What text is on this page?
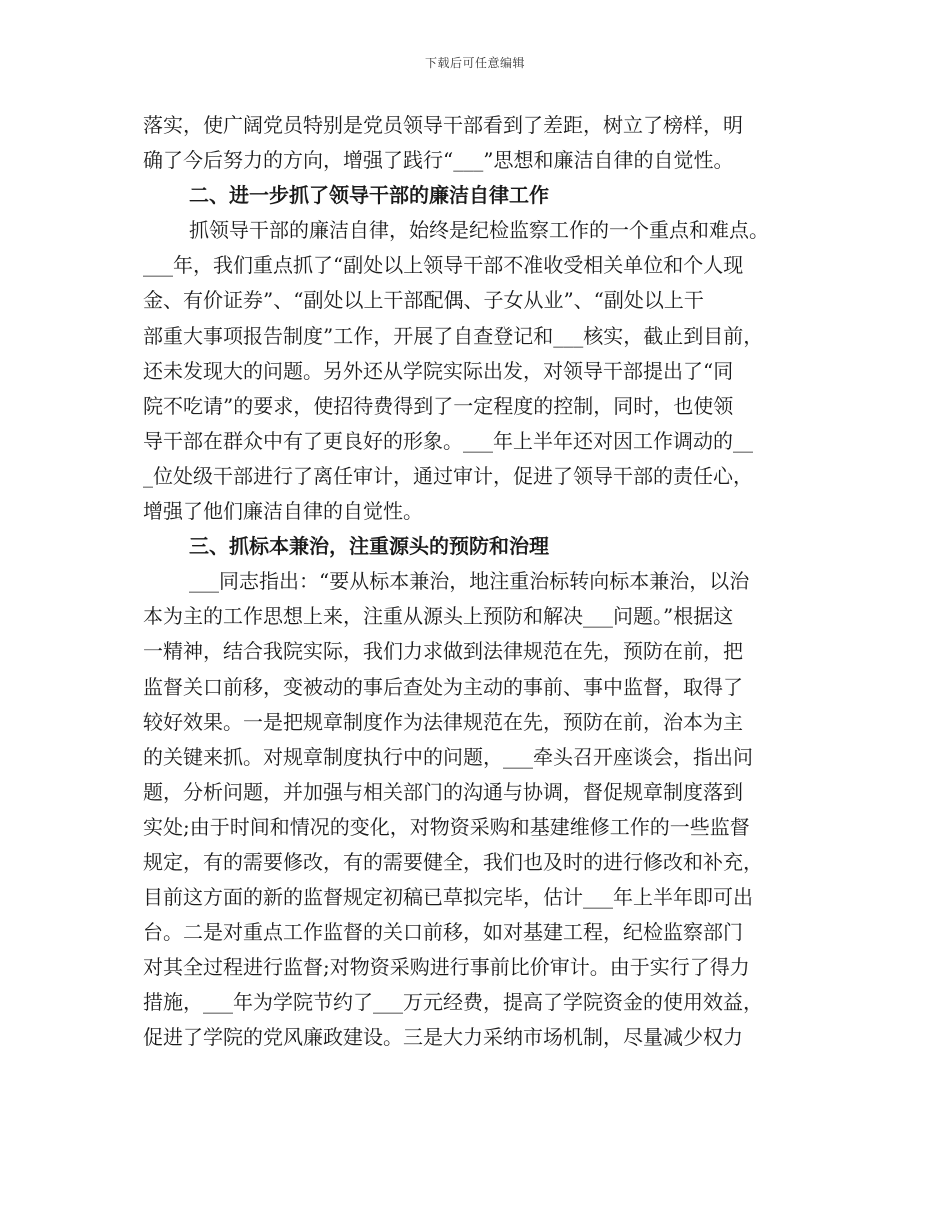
下载后可任意编辑
落实，使广阔党员特别是党员领导干部看到了差距，树立了榜样，明
确了今后努力的方向，增强了践行“___”思想和廉洁自律的自觉性。
二、进一步抓了领导干部的廉洁自律工作
抓领导干部的廉洁自律，始终是纪检监察工作的一个重点和难点。
___年，我们重点抓了“副处以上领导干部不准收受相关单位和个人现
金、有价证券”、“副处以上干部配偶、子女从业”、“副处以上干
部重大事项报告制度”工作，开展了自查登记和___核实，截止到目前，
还未发现大的问题。另外还从学院实际出发，对领导干部提出了“同
院不吃请”的要求，使招待费得到了一定程度的控制，同时，也使领
导干部在群众中有了更良好的形象。___年上半年还对因工作调动的__
_位处级干部进行了离任审计，通过审计，促进了领导干部的责任心，
增强了他们廉洁自律的自觉性。
三、抓标本兼治，注重源头的预防和治理
___同志指出：“要从标本兼治，地注重治标转向标本兼治，以治
本为主的工作思想上来，注重从源头上预防和解决___问题。”根据这
一精神，结合我院实际，我们力求做到法律规范在先，预防在前，把
监督关口前移，变被动的事后查处为主动的事前、事中监督，取得了
较好效果。一是把规章制度作为法律规范在先，预防在前，治本为主
的关键来抓。对规章制度执行中的问题，___牵头召开座谈会，指出问
题，分析问题，并加强与相关部门的沟通与协调，督促规章制度落到
实处;由于时间和情况的变化，对物资采购和基建维修工作的一些监督
规定，有的需要修改，有的需要健全，我们也及时的进行修改和补充，
目前这方面的新的监督规定初稿已草拟完毕，估计___年上半年即可出
台。二是对重点工作监督的关口前移，如对基建工程，纪检监察部门
对其全过程进行监督;对物资采购进行事前比价审计。由于实行了得力
措施，___年为学院节约了___万元经费，提高了学院资金的使用效益，
促进了学院的党风廉政建设。三是大力采纳市场机制，尽量减少权力
